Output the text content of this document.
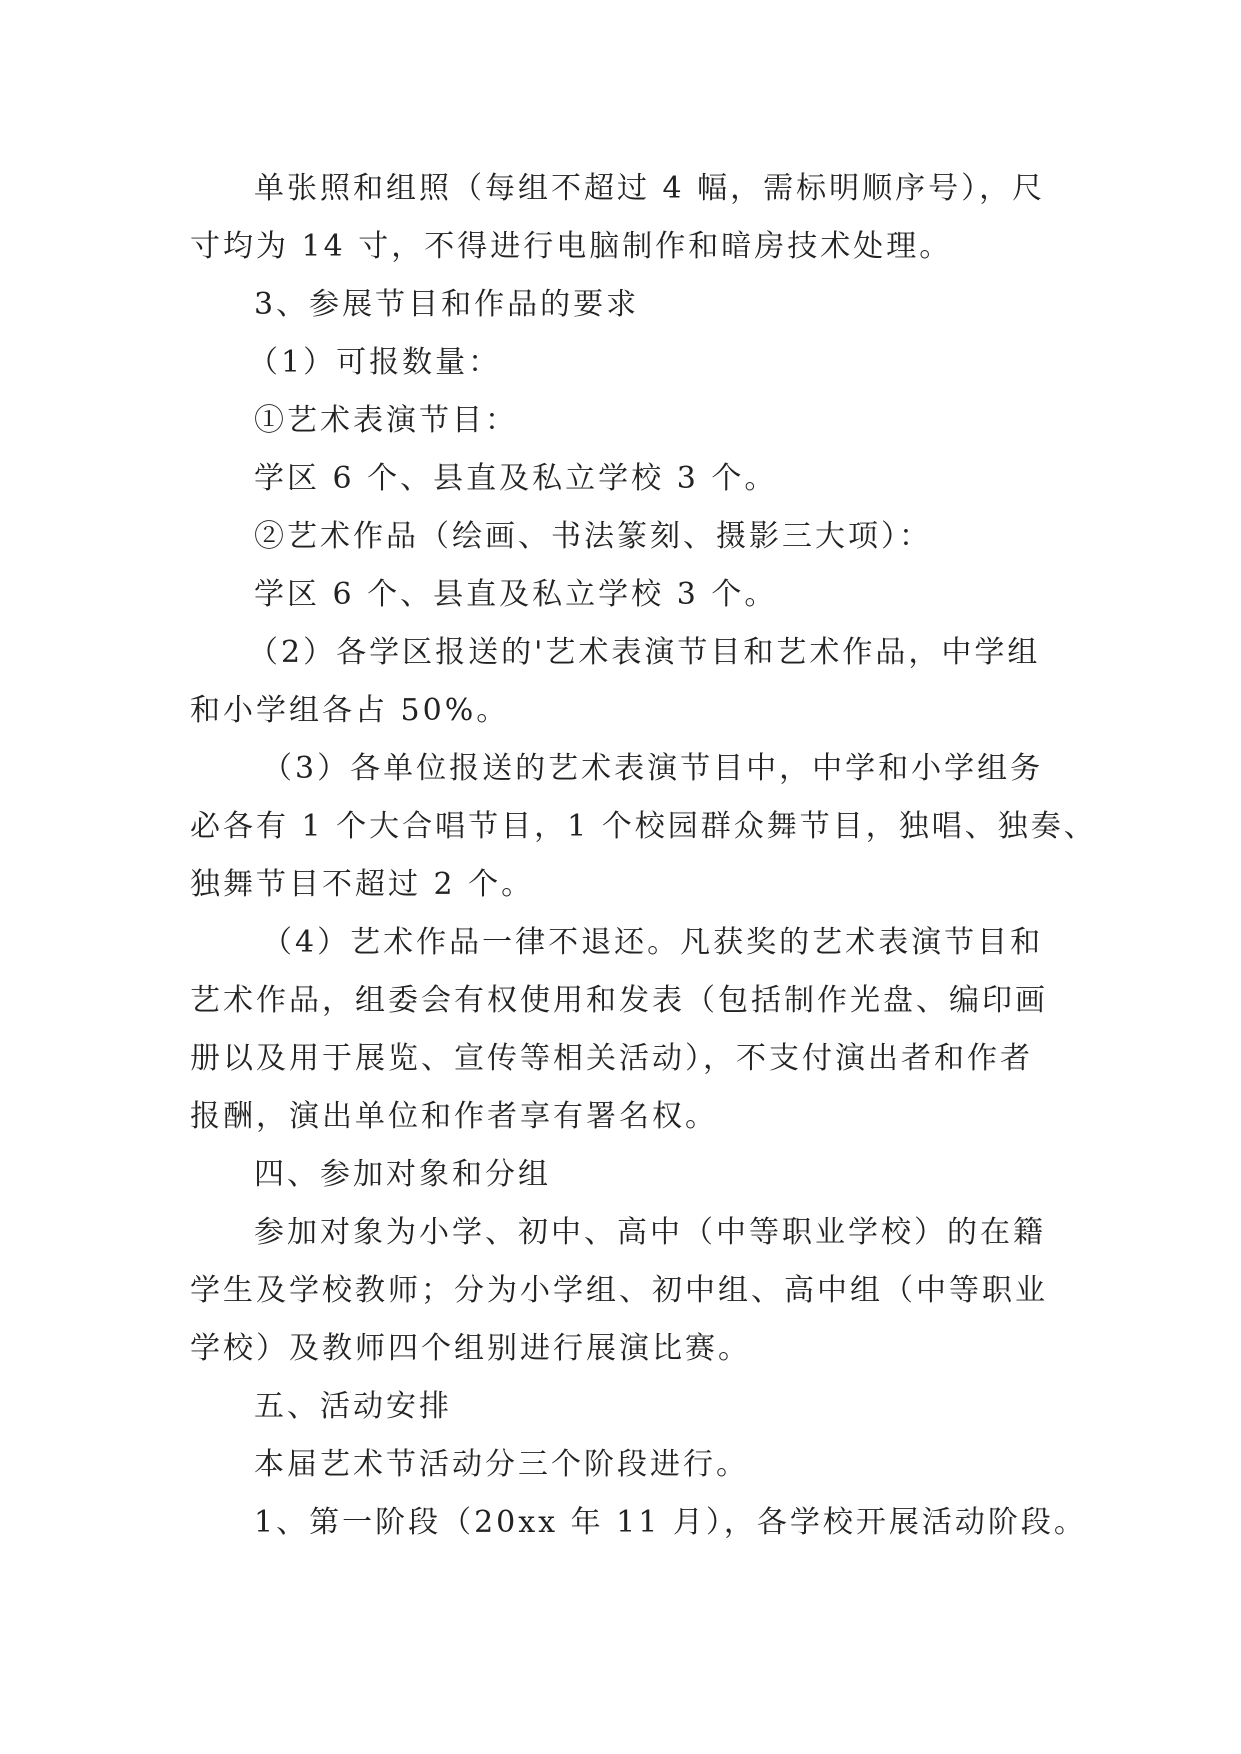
单张照和组照（每组不超过 4 幅，需标明顺序号），尺
寸均为 14 寸，不得进行电脑制作和暗房技术处理。
3、参展节目和作品的要求
（1）可报数量：
①艺术表演节目：
学区 6 个、县直及私立学校 3 个。
②艺术作品（绘画、书法篆刻、摄影三大项）：
学区 6 个、县直及私立学校 3 个。
（2）各学区报送的'艺术表演节目和艺术作品，中学组
和小学组各占 50%。
（3）各单位报送的艺术表演节目中，中学和小学组务
必各有 1 个大合唱节目，1 个校园群众舞节目，独唱、独奏、
独舞节目不超过 2 个。
（4）艺术作品一律不退还。凡获奖的艺术表演节目和
艺术作品，组委会有权使用和发表（包括制作光盘、编印画
册以及用于展览、宣传等相关活动），不支付演出者和作者
报酬，演出单位和作者享有署名权。
四、参加对象和分组
参加对象为小学、初中、高中（中等职业学校）的在籍
学生及学校教师；分为小学组、初中组、高中组（中等职业
学校）及教师四个组别进行展演比赛。
五、活动安排
本届艺术节活动分三个阶段进行。
1、第一阶段（20xx 年 11 月），各学校开展活动阶段。
